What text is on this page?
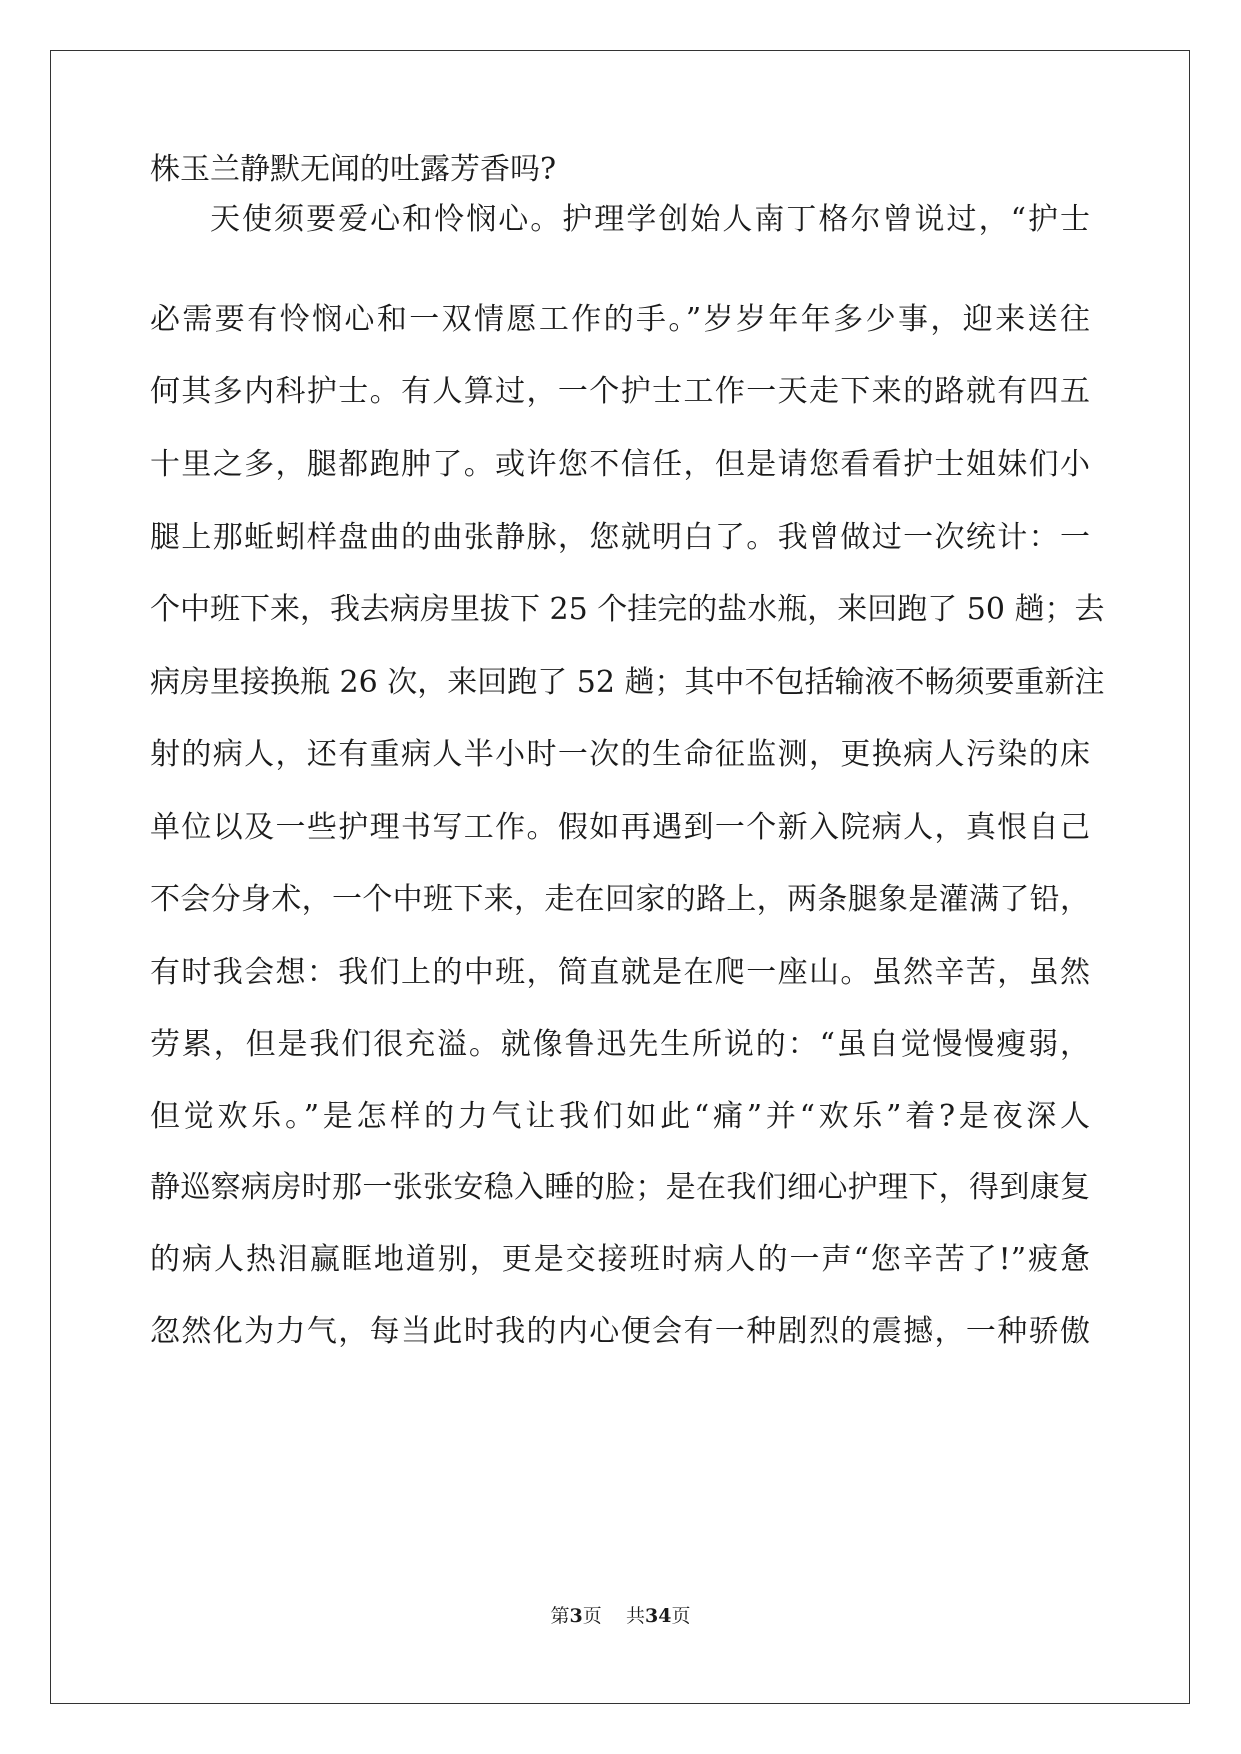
株玉兰静默无闻的吐露芳香吗?

天使须要爱心和怜悯心。护理学创始人南丁格尔曾说过，“护士

必需要有怜悯心和一双情愿工作的手。”岁岁年年多少事，迎来送往

何其多内科护士。有人算过，一个护士工作一天走下来的路就有四五

十里之多，腿都跑肿了。或许您不信任，但是请您看看护士姐妹们小

腿上那蚯蚓样盘曲的曲张静脉，您就明白了。我曾做过一次统计：一

个中班下来，我去病房里拔下 25 个挂完的盐水瓶，来回跑了 50 趟；去

病房里接换瓶 26 次，来回跑了 52 趟；其中不包括输液不畅须要重新注

射的病人，还有重病人半小时一次的生命征监测，更换病人污染的床

单位以及一些护理书写工作。假如再遇到一个新入院病人，真恨自己

不会分身术，一个中班下来，走在回家的路上，两条腿象是灌满了铅，

有时我会想：我们上的中班，简直就是在爬一座山。虽然辛苦，虽然

劳累，但是我们很充溢。就像鲁迅先生所说的：“虽自觉慢慢瘦弱，

但觉欢乐。”是怎样的力气让我们如此“痛”并“欢乐”着?是夜深人

静巡察病房时那一张张安稳入睡的脸；是在我们细心护理下，得到康复

的病人热泪赢眶地道别，更是交接班时病人的一声“您辛苦了!”疲惫

忽然化为力气，每当此时我的内心便会有一种剧烈的震撼，一种骄傲

第3页 共34页
